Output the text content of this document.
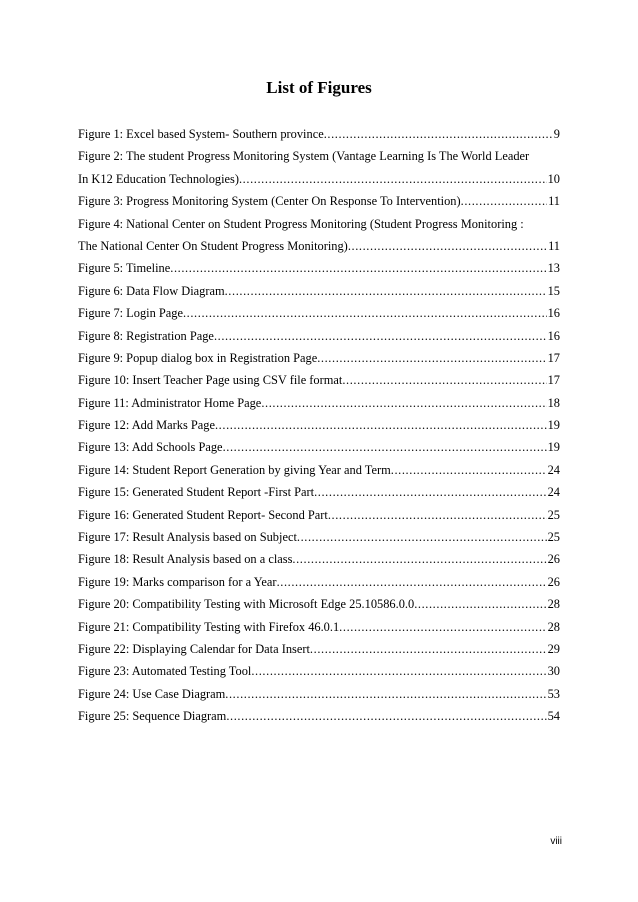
List of Figures
Figure 1: Excel based System- Southern province .....	9
Figure 2: The student Progress Monitoring System (Vantage Learning Is The World Leader
In K12 Education Technologies) .....	10
Figure 3: Progress Monitoring System (Center On Response To Intervention) .....	11
Figure 4: National Center on Student Progress Monitoring (Student Progress Monitoring :
The National Center On Student Progress Monitoring) .....	11
Figure 5: Timeline .....	13
Figure 6: Data Flow Diagram .....	15
Figure 7: Login Page .....	16
Figure 8: Registration Page .....	16
Figure 9: Popup dialog box in Registration Page .....	17
Figure 10: Insert Teacher Page using CSV file format .....	17
Figure 11: Administrator Home Page .....	18
Figure 12: Add Marks Page .....	19
Figure 13: Add Schools Page .....	19
Figure 14: Student Report Generation by giving Year and Term .....	24
Figure 15: Generated Student Report -First Part .....	24
Figure 16: Generated Student Report- Second Part .....	25
Figure 17: Result Analysis based on Subject .....	25
Figure 18: Result Analysis based on a class .....	26
Figure 19: Marks comparison for a Year .....	26
Figure 20: Compatibility Testing with Microsoft Edge 25.10586.0.0 .....	28
Figure 21: Compatibility Testing with Firefox 46.0.1 .....	28
Figure 22: Displaying Calendar for Data Insert .....	29
Figure 23: Automated Testing Tool .....	30
Figure 24: Use Case Diagram .....	53
Figure 25: Sequence Diagram .....	54
viii
